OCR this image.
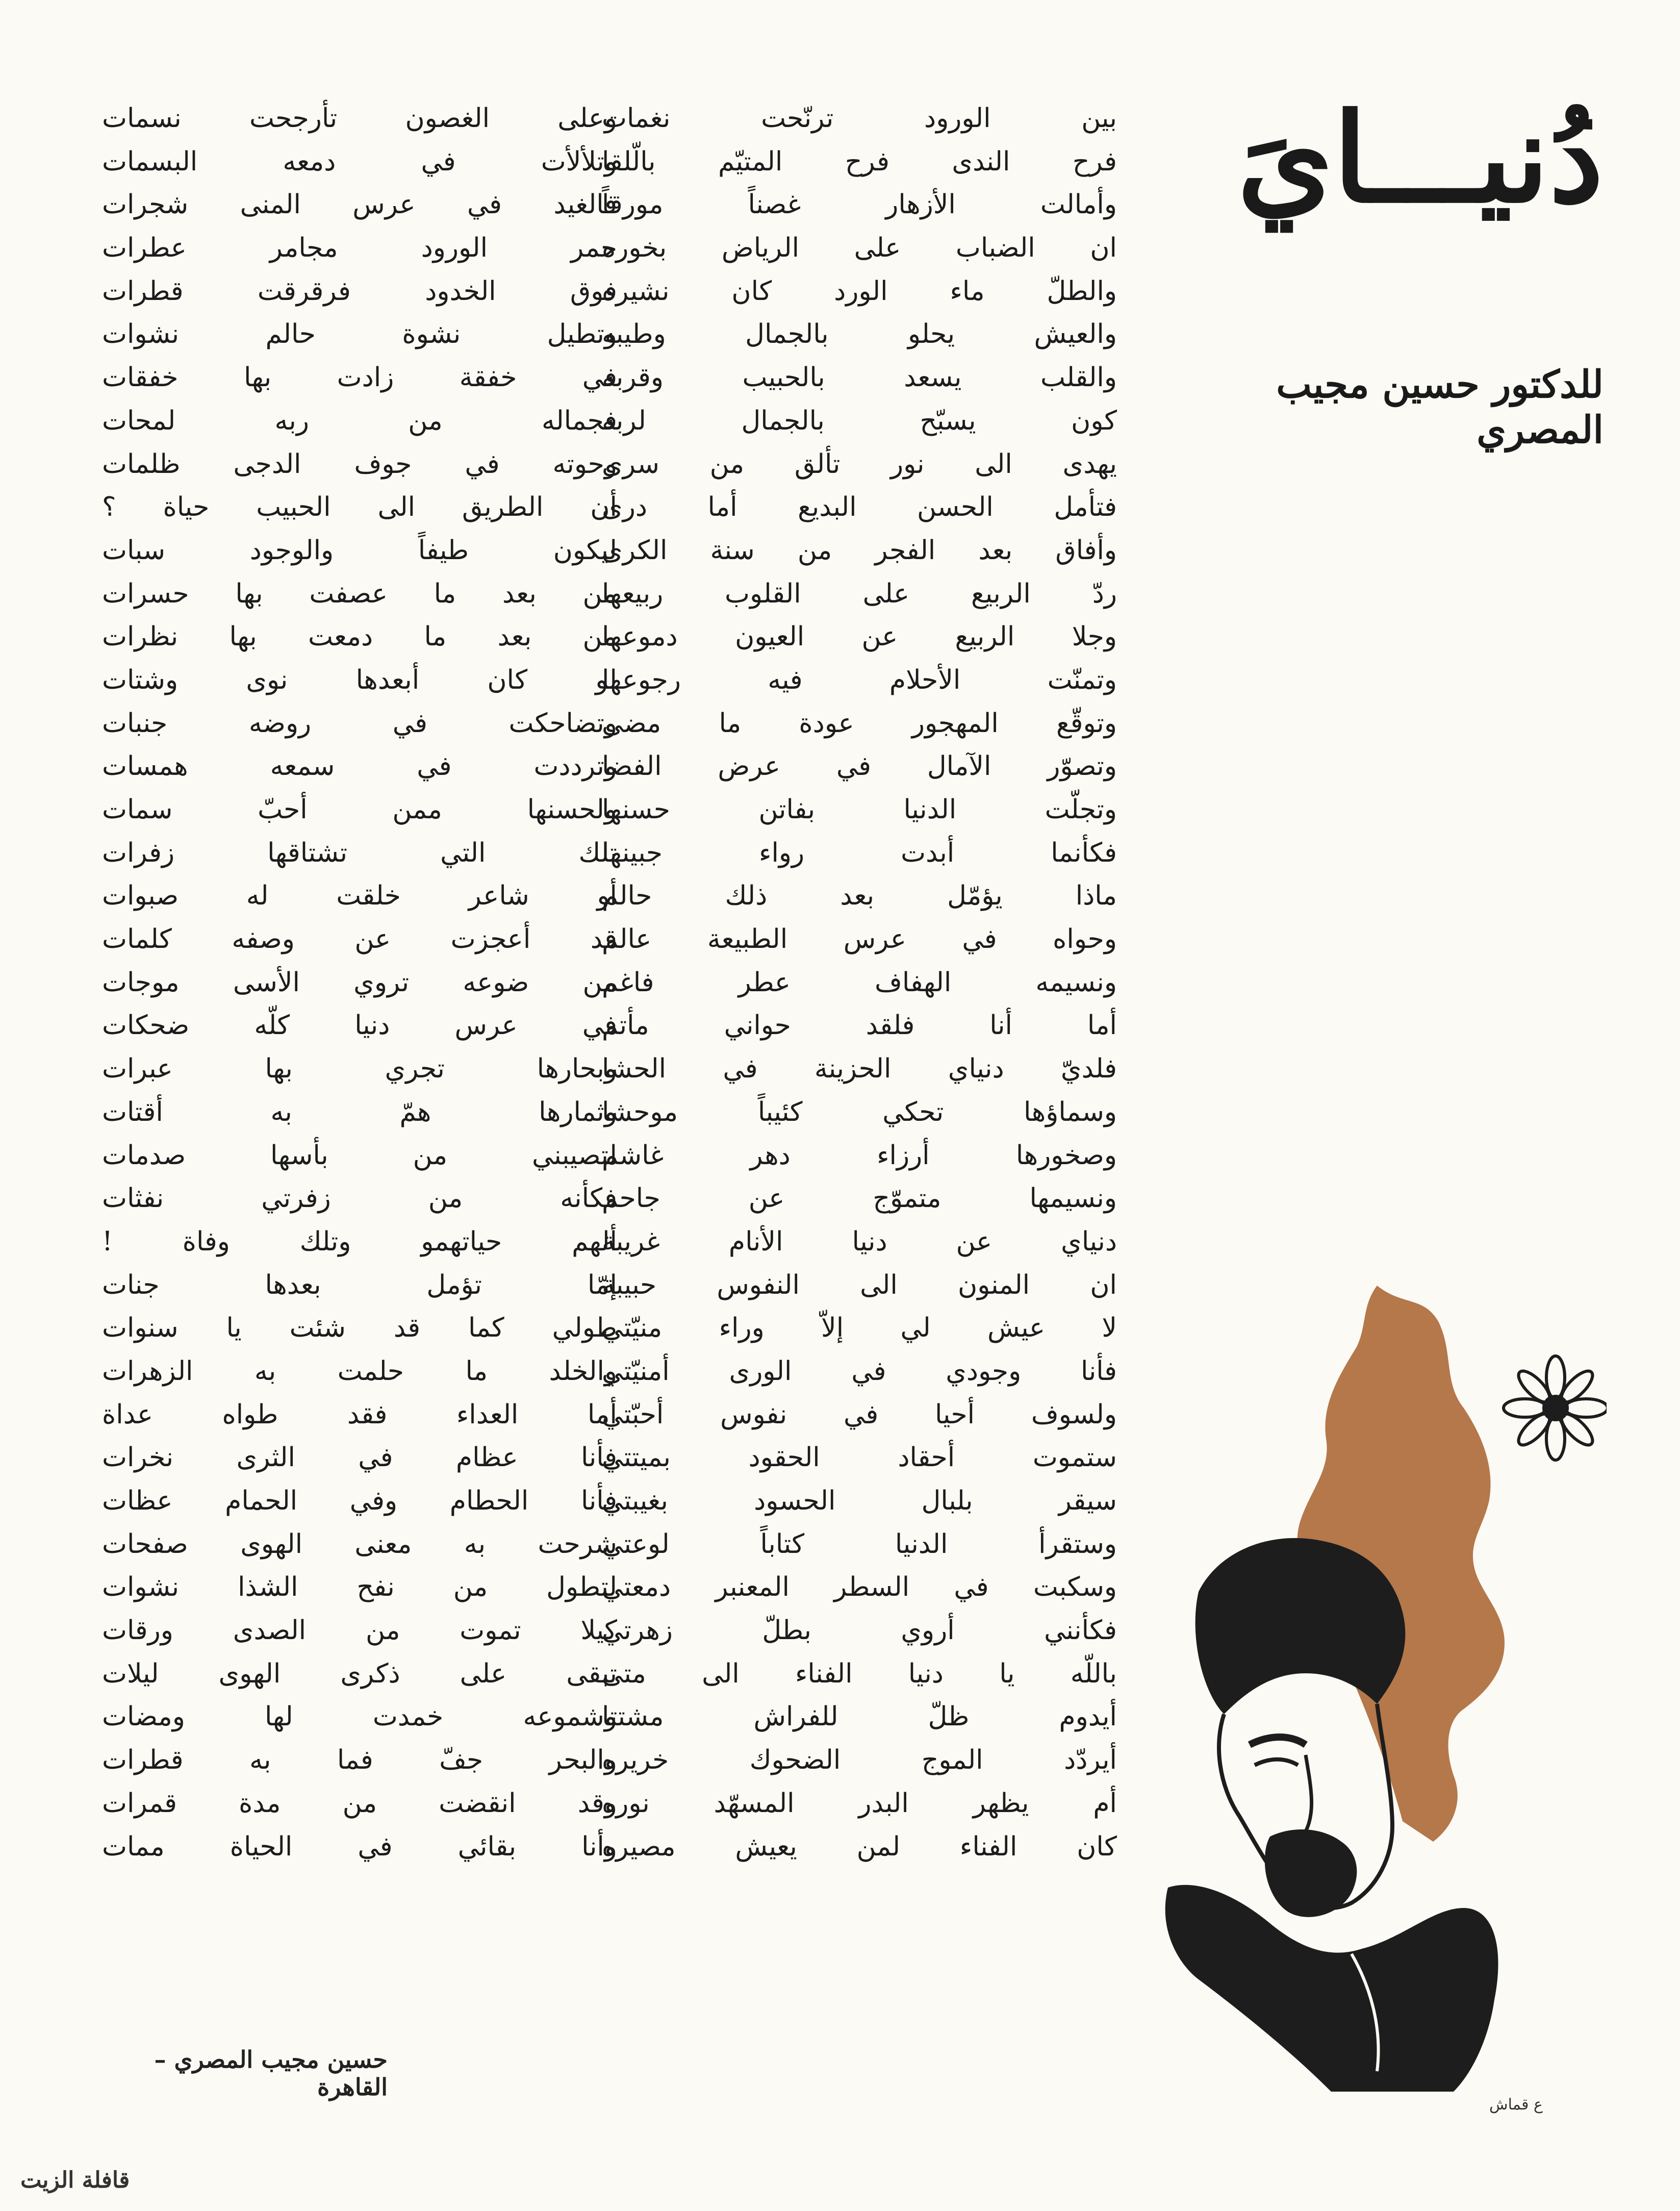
دُنيـــايَ
للدكتور حسين مجيب المصري
بين الورود ترنّحت نغمات
فرح الندى فرح المتيّم بالّلقا
وأمالت الأزهار غصناً مورقاً
ان الضباب على الرياض بخوره
والطلّ ماء الورد كان نشيره
والعيش يحلو بالجمال وطيبه
والقلب يسعد بالحبيب وقربه
كون يسبّح بالجمال لربه
يهدى الى نور تألق من سرى
فتأمل الحسن البديع أما درى
وأفاق بعد الفجر من سنة الكرى
ردّ الربيع على القلوب ربيعها
وجلا الربيع عن العيون دموعها
وتمنّت الأحلام فيه رجوعها
وتوقّع المهجور عودة ما مضى
وتصوّر الآمال في عرض الفضا
وتجلّت الدنيا بفاتن حسنها
فكأنما أبدت رواء جبينها
ماذا يؤمّل بعد ذلك حالم
وحواه في عرس الطبيعة عالم
ونسيمه الهفاف عطر فاغم
أما أنا فلقد حواني مأتم
فلديّ دنياي الحزينة في الحشا
وسماؤها تحكي كئيباً موحشا
وصخورها أرزاء دهر غاشم
ونسيمها متموّج عن جاحم
دنياي عن دنيا الأنام غريبة
ان المنون الى النفوس حبيبة
لا عيش لي إلاّ وراء منيّتي
فأنا وجودي في الورى أمنيّتي
ولسوف أحيا في نفوس أحبّتي
ستموت أحقاد الحقود بميتتي
سيقر بلبال الحسود بغيبتي
وستقرأ الدنيا كتاباً لوعتي
وسكبت في السطر المعنبر دمعتي
فكأنني أروي بطلّ زهرتي
باللّه يا دنيا الفناء الى متى
أيدوم ظلّ للفراش مشتتا
أيردّد الموج الضحوك خريره
أم يظهر البدر المسهّد نوره
كان الفناء لمن يعيش مصيره
وعلى الغصون تأرجحت نسمات
وتلألأت في دمعه البسمات
فالغيد في عرس المنى شجرات
حمر الورود مجامر عطرات
فوق الخدود فرقرقت قطرات
وتطيل نشوة حالم نشوات
في خفقة زادت بها خفقات
فجماله من ربه لمحات
وحوته في جوف الدجى ظلمات
أن الطريق الى الحبيب حياة ؟
ليكون طيفاً والوجود سبات
من بعد ما عصفت بها حسرات
من بعد ما دمعت بها نظرات
لو كان أبعدها نوى وشتات
وتضاحكت في روضه جنبات
وترددت في سمعه همسات
ولحسنها ممن أحبّ سمات
تلك التي تشتاقها زفرات
أو شاعر خلقت له صبوات
قد أعجزت عن وصفه كلمات
من ضوعه تروي الأسى موجات
في عرس دنيا كلّه ضحكات
وبحارها تجري بها عبرات
وثمارها همّ به أقتات
لتصيبني من بأسها صدمات
فكأنه من زفرتي نفثات
ألهم حياتهمو وتلك وفاة !
إمّا تؤمل بعدها جنات
طولي كما قد شئت يا سنوات
والخلد ما حلمت به الزهرات
أما العداء فقد طواه عداة
فأنا عظام في الثرى نخرات
فأنا الحطام وفي الحمام عظات
شرحت به معنى الهوى صفحات
لتطول من نفح الشذا نشوات
كيلا تموت من الصدى ورقات
تبقى على ذكرى الهوى ليلات
وشموعه خمدت لها ومضات
والبحر جفّ فما به قطرات
وقد انقضت من مدة قمرات
وأنا بقائي في الحياة ممات
حسين مجيب المصري – القاهرة
قافلة الزيت
ع قماش
